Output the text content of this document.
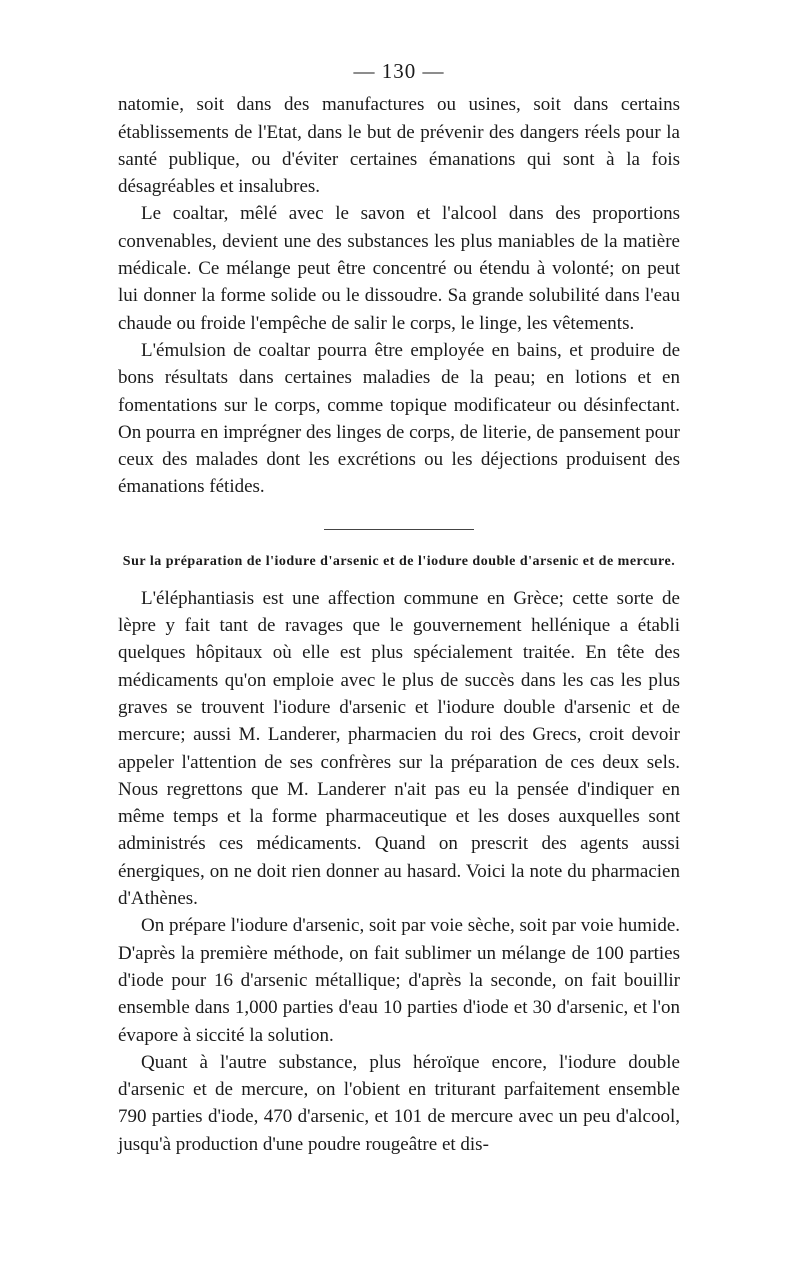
— 130 —

natomie, soit dans des manufactures ou usines, soit dans certains établissements de l'Etat, dans le but de prévenir des dangers réels pour la santé publique, ou d'éviter certaines émanations qui sont à la fois désagréables et insalubres.

Le coaltar, mêlé avec le savon et l'alcool dans des proportions convenables, devient une des substances les plus maniables de la matière médicale. Ce mélange peut être concentré ou étendu à volonté; on peut lui donner la forme solide ou le dissoudre. Sa grande solubilité dans l'eau chaude ou froide l'empêche de salir le corps, le linge, les vêtements.

L'émulsion de coaltar pourra être employée en bains, et produire de bons résultats dans certaines maladies de la peau; en lotions et en fomentations sur le corps, comme topique modificateur ou désinfectant. On pourra en imprégner des linges de corps, de literie, de pansement pour ceux des malades dont les excrétions ou les déjections produisent des émanations fétides.

Sur la préparation de l'iodure d'arsenic et de l'iodure double d'arsenic et de mercure.

L'éléphantiasis est une affection commune en Grèce; cette sorte de lèpre y fait tant de ravages que le gouvernement hellénique a établi quelques hôpitaux où elle est plus spécialement traitée. En tête des médicaments qu'on emploie avec le plus de succès dans les cas les plus graves se trouvent l'iodure d'arsenic et l'iodure double d'arsenic et de mercure; aussi M. Landerer, pharmacien du roi des Grecs, croit devoir appeler l'attention de ses confrères sur la préparation de ces deux sels. Nous regrettons que M. Landerer n'ait pas eu la pensée d'indiquer en même temps et la forme pharmaceutique et les doses auxquelles sont administrés ces médicaments. Quand on prescrit des agents aussi énergiques, on ne doit rien donner au hasard. Voici la note du pharmacien d'Athènes.

On prépare l'iodure d'arsenic, soit par voie sèche, soit par voie humide. D'après la première méthode, on fait sublimer un mélange de 100 parties d'iode pour 16 d'arsenic métallique; d'après la seconde, on fait bouillir ensemble dans 1,000 parties d'eau 10 parties d'iode et 30 d'arsenic, et l'on évapore à siccité la solution.

Quant à l'autre substance, plus héroïque encore, l'iodure double d'arsenic et de mercure, on l'obient en triturant parfaitement ensemble 790 parties d'iode, 470 d'arsenic, et 101 de mercure avec un peu d'alcool, jusqu'à production d'une poudre rougeâtre et dis-
